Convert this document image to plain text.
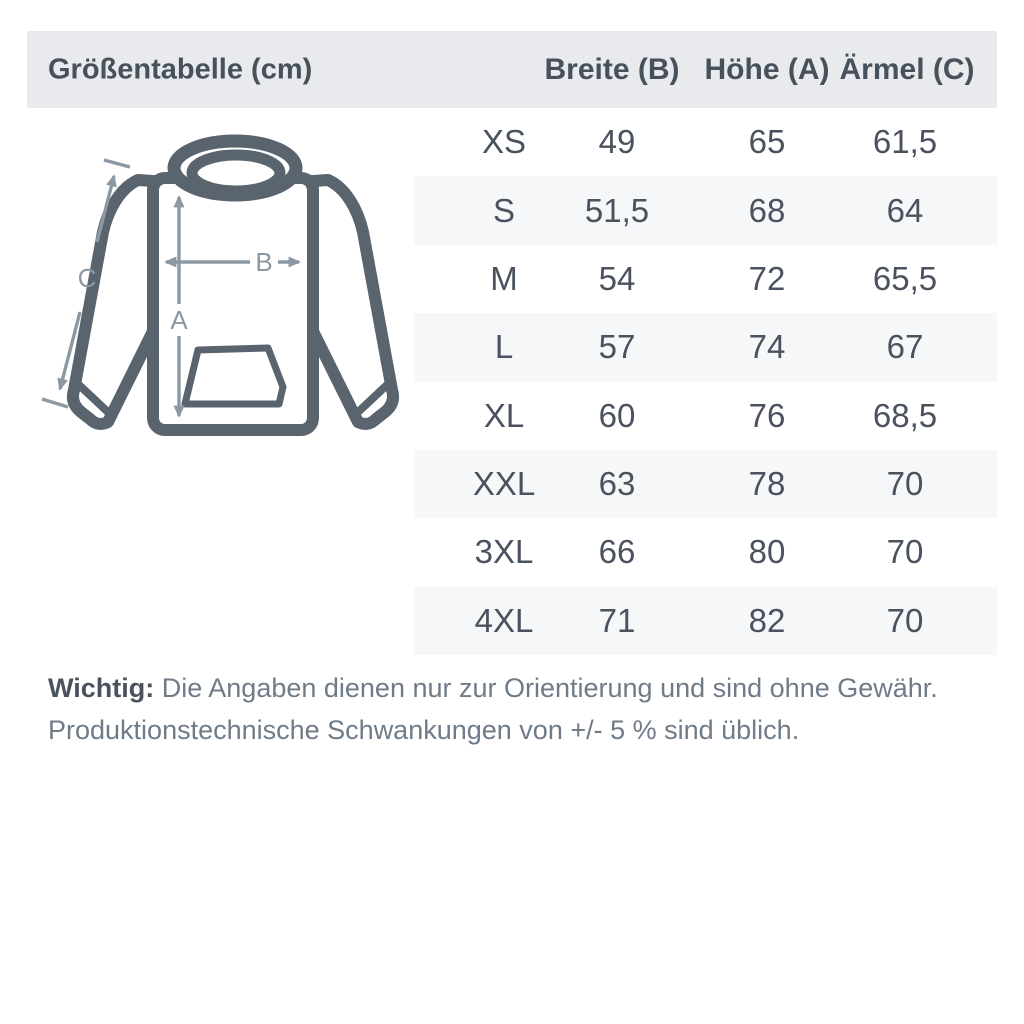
Größentabelle (cm)	Breite (B) Höhe (A) Ärmel (C)
A
B
C
XS 49	65	61,5
S 51,5	68	64
M 54	72	65,5
L	57	74	67
XL 60	76	68,5
XXL 63	78	70
3XL 66	80	70
4XL 71	82	70

Wichtig: Die Angaben dienen nur zur Orientierung und sind ohne Gewähr.
Produktionstechnische Schwankungen von +/- 5 % sind üblich.
